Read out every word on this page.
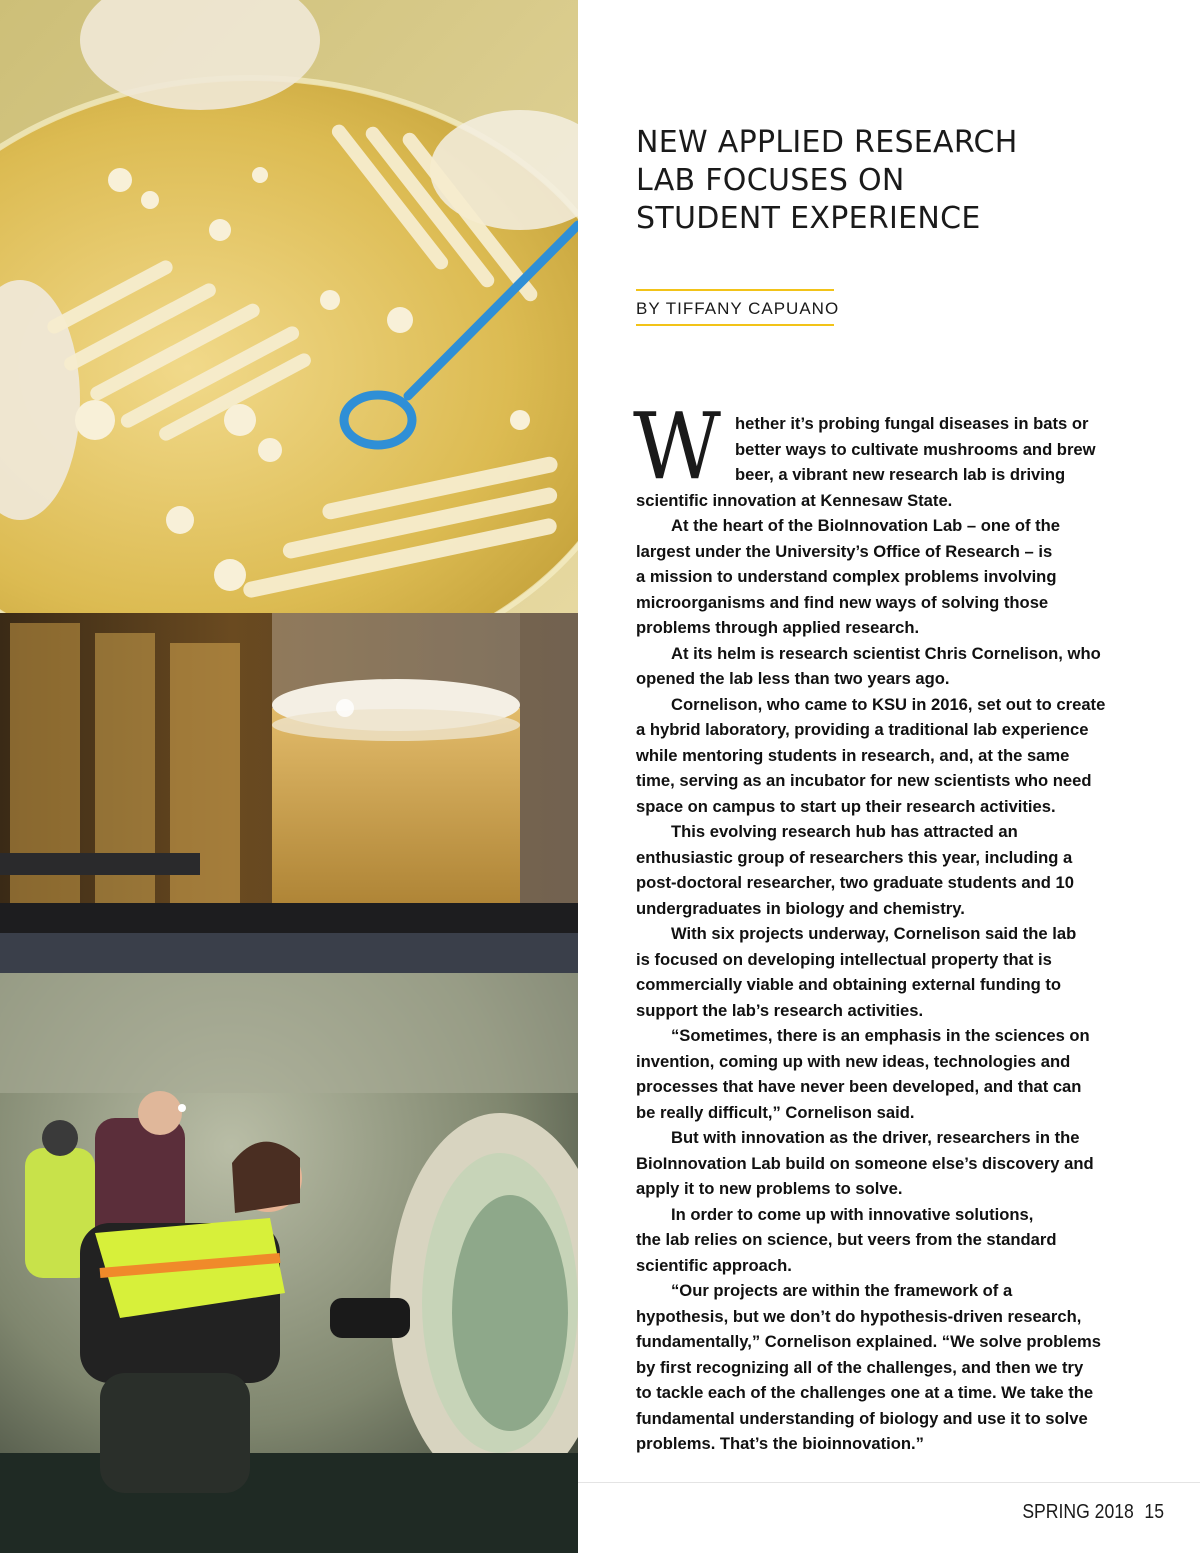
NEW APPLIED RESEARCH
LAB FOCUSES ON
STUDENT EXPERIENCE
BY TIFFANY CAPUANO
W hether it’s probing fungal diseases in bats or
better ways to cultivate mushrooms and brew
beer, a vibrant new research lab is driving
scientific innovation at Kennesaw State.
At the heart of the BioInnovation Lab – one of the
largest under the University’s Office of Research – is
a mission to understand complex problems involving
microorganisms and find new ways of solving those
problems through applied research.
At its helm is research scientist Chris Cornelison, who
opened the lab less than two years ago.
Cornelison, who came to KSU in 2016, set out to create
a hybrid laboratory, providing a traditional lab experience
while mentoring students in research, and, at the same
time, serving as an incubator for new scientists who need
space on campus to start up their research activities.
This evolving research hub has attracted an
enthusiastic group of researchers this year, including a
post-doctoral researcher, two graduate students and 10
undergraduates in biology and chemistry.
With six projects underway, Cornelison said the lab
is focused on developing intellectual property that is
commercially viable and obtaining external funding to
support the lab’s research activities.
“Sometimes, there is an emphasis in the sciences on
invention, coming up with new ideas, technologies and
processes that have never been developed, and that can
be really difficult,” Cornelison said.
But with innovation as the driver, researchers in the
BioInnovation Lab build on someone else’s discovery and
apply it to new problems to solve.
In order to come up with innovative solutions,
the lab relies on science, but veers from the standard
scientific approach.
“Our projects are within the framework of a
hypothesis, but we don’t do hypothesis-driven research,
fundamentally,” Cornelison explained. “We solve problems
by first recognizing all of the challenges, and then we try
to tackle each of the challenges one at a time. We take the
fundamental understanding of biology and use it to solve
problems. That’s the bioinnovation.”
SPRING 2018 15
